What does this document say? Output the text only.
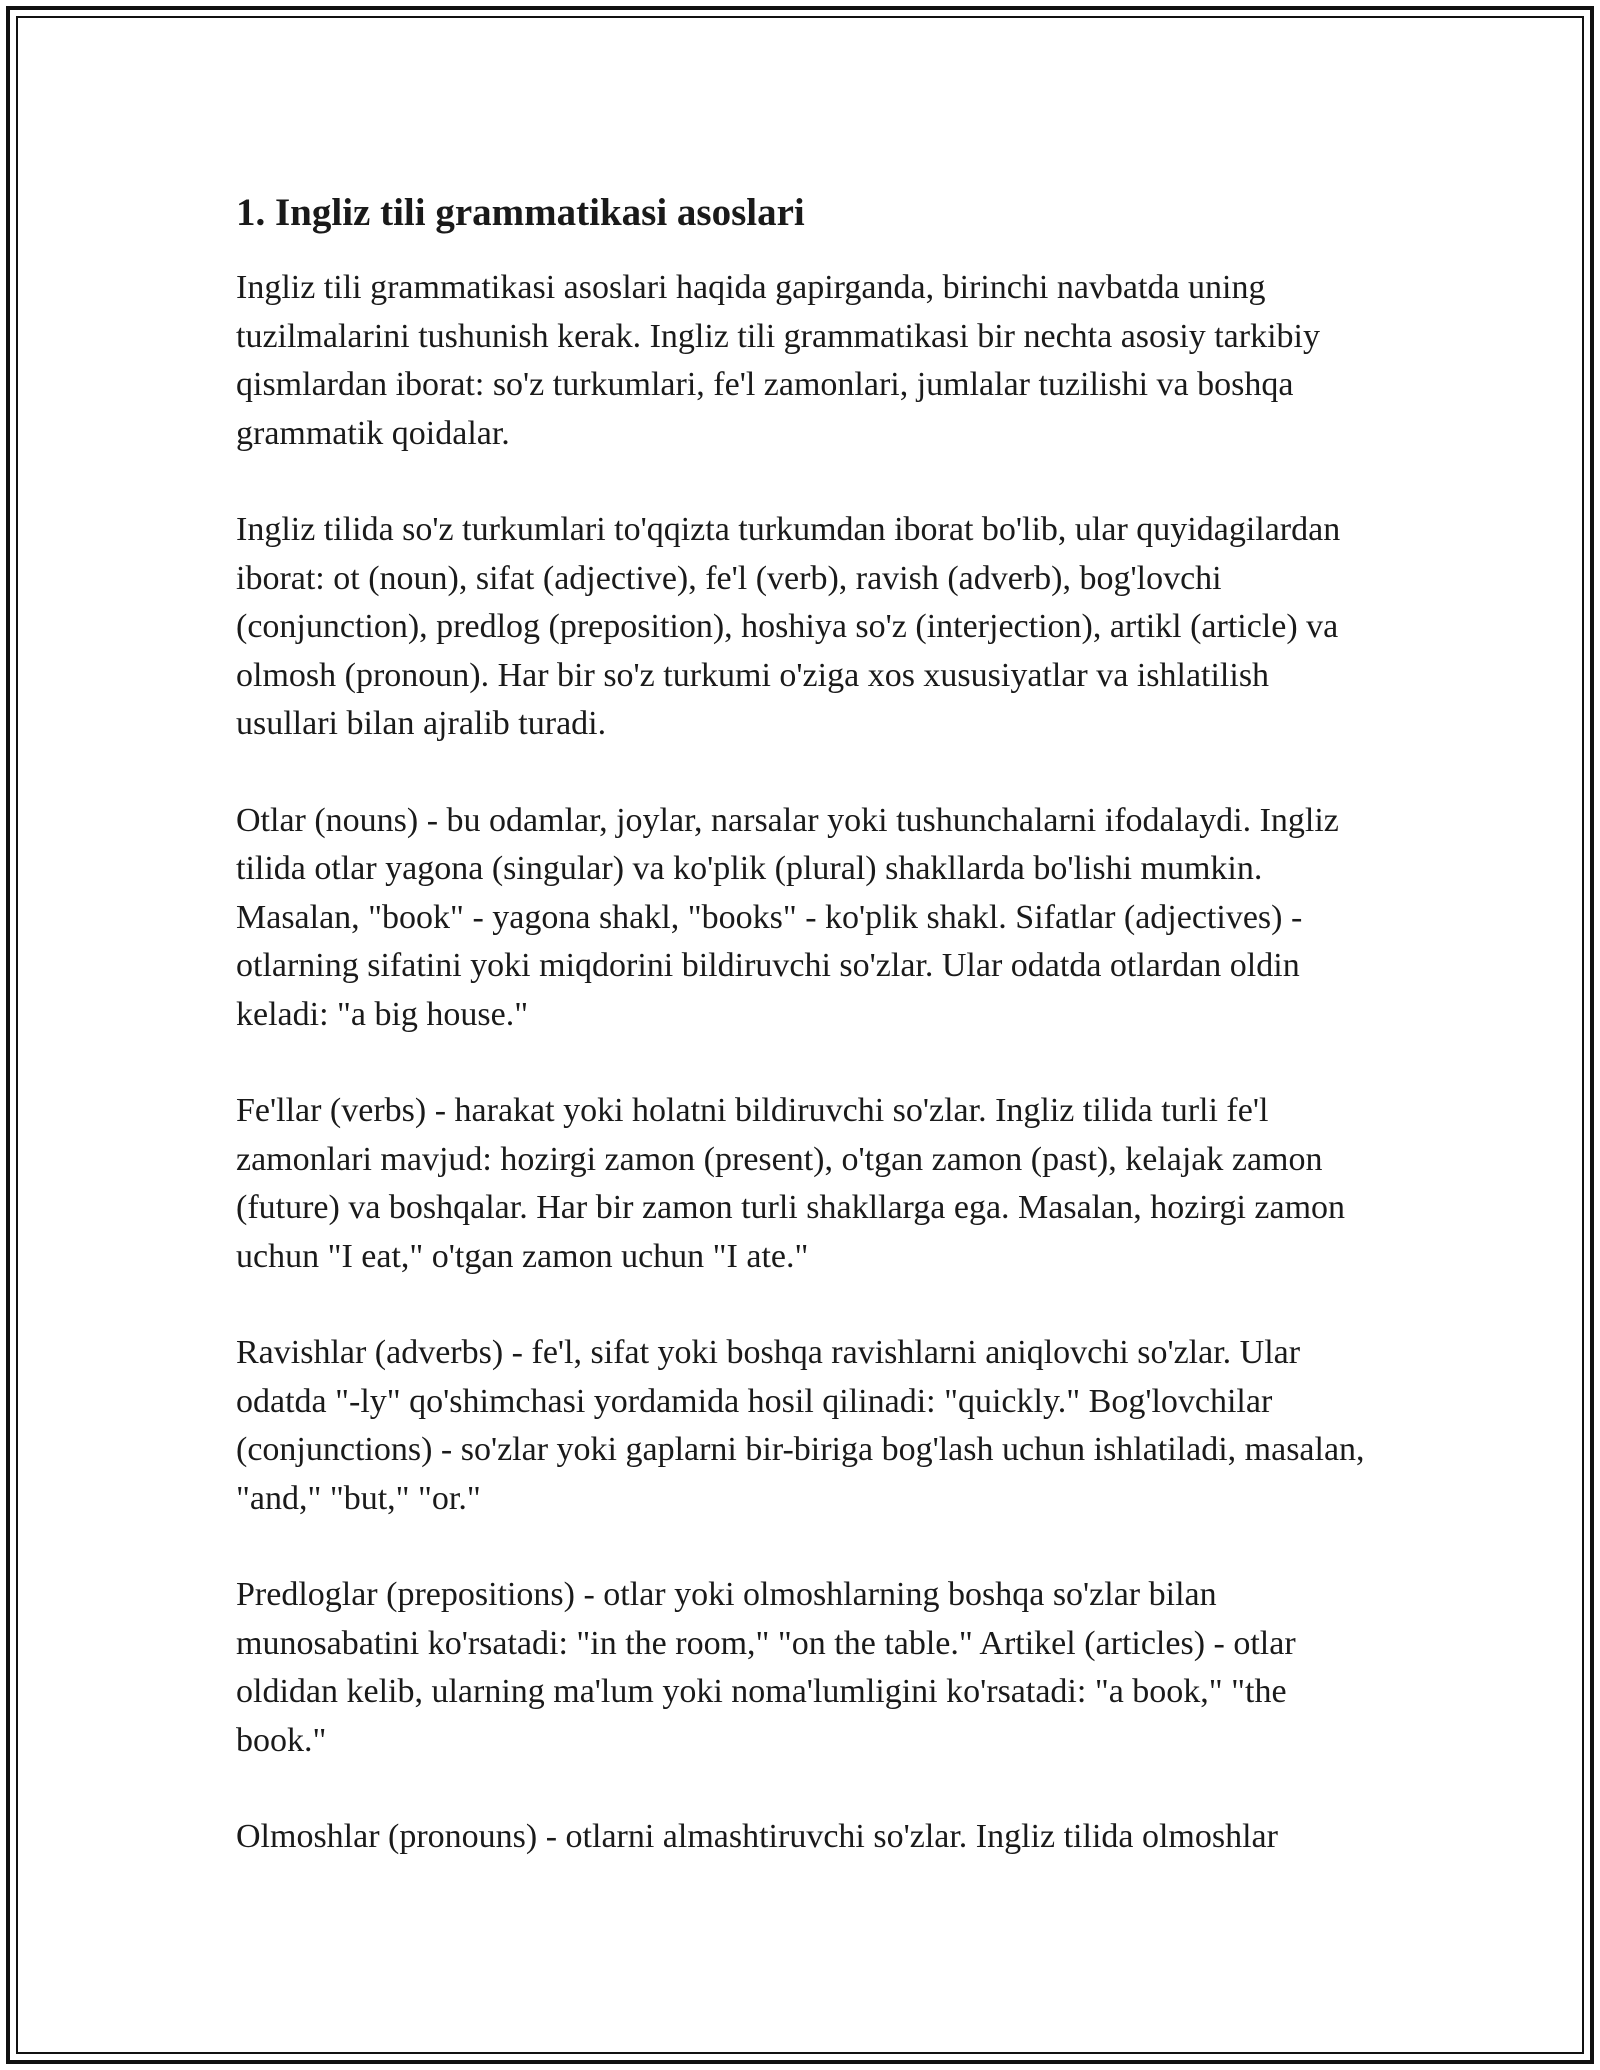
1. Ingliz tili grammatikasi asoslari

Ingliz tili grammatikasi asoslari haqida gapirganda, birinchi navbatda uning tuzilmalarini tushunish kerak. Ingliz tili grammatikasi bir nechta asosiy tarkibiy qismlardan iborat: so'z turkumlari, fe'l zamonlari, jumlalar tuzilishi va boshqa grammatik qoidalar.

Ingliz tilida so'z turkumlari to'qqizta turkumdan iborat bo'lib, ular quyidagilardan iborat: ot (noun), sifat (adjective), fe'l (verb), ravish (adverb), bog'lovchi (conjunction), predlog (preposition), hoshiya so'z (interjection), artikl (article) va olmosh (pronoun). Har bir so'z turkumi o'ziga xos xususiyatlar va ishlatilish usullari bilan ajralib turadi.

Otlar (nouns) - bu odamlar, joylar, narsalar yoki tushunchalarni ifodalaydi. Ingliz tilida otlar yagona (singular) va ko'plik (plural) shakllarda bo'lishi mumkin. Masalan, "book" - yagona shakl, "books" - ko'plik shakl. Sifatlar (adjectives) - otlarning sifatini yoki miqdorini bildiruvchi so'zlar. Ular odatda otlardan oldin keladi: "a big house."

Fe'llar (verbs) - harakat yoki holatni bildiruvchi so'zlar. Ingliz tilida turli fe'l zamonlari mavjud: hozirgi zamon (present), o'tgan zamon (past), kelajak zamon (future) va boshqalar. Har bir zamon turli shakllarga ega. Masalan, hozirgi zamon uchun "I eat," o'tgan zamon uchun "I ate."

Ravishlar (adverbs) - fe'l, sifat yoki boshqa ravishlarni aniqlovchi so'zlar. Ular odatda "-ly" qo'shimchasi yordamida hosil qilinadi: "quickly." Bog'lovchilar (conjunctions) - so'zlar yoki gaplarni bir-biriga bog'lash uchun ishlatiladi, masalan, "and," "but," "or."

Predloglar (prepositions) - otlar yoki olmoshlarning boshqa so'zlar bilan munosabatini ko'rsatadi: "in the room," "on the table." Artikel (articles) - otlar oldidan kelib, ularning ma'lum yoki noma'lumligini ko'rsatadi: "a book," "the book."

Olmoshlar (pronouns) - otlarni almashtiruvchi so'zlar. Ingliz tilida olmoshlar
